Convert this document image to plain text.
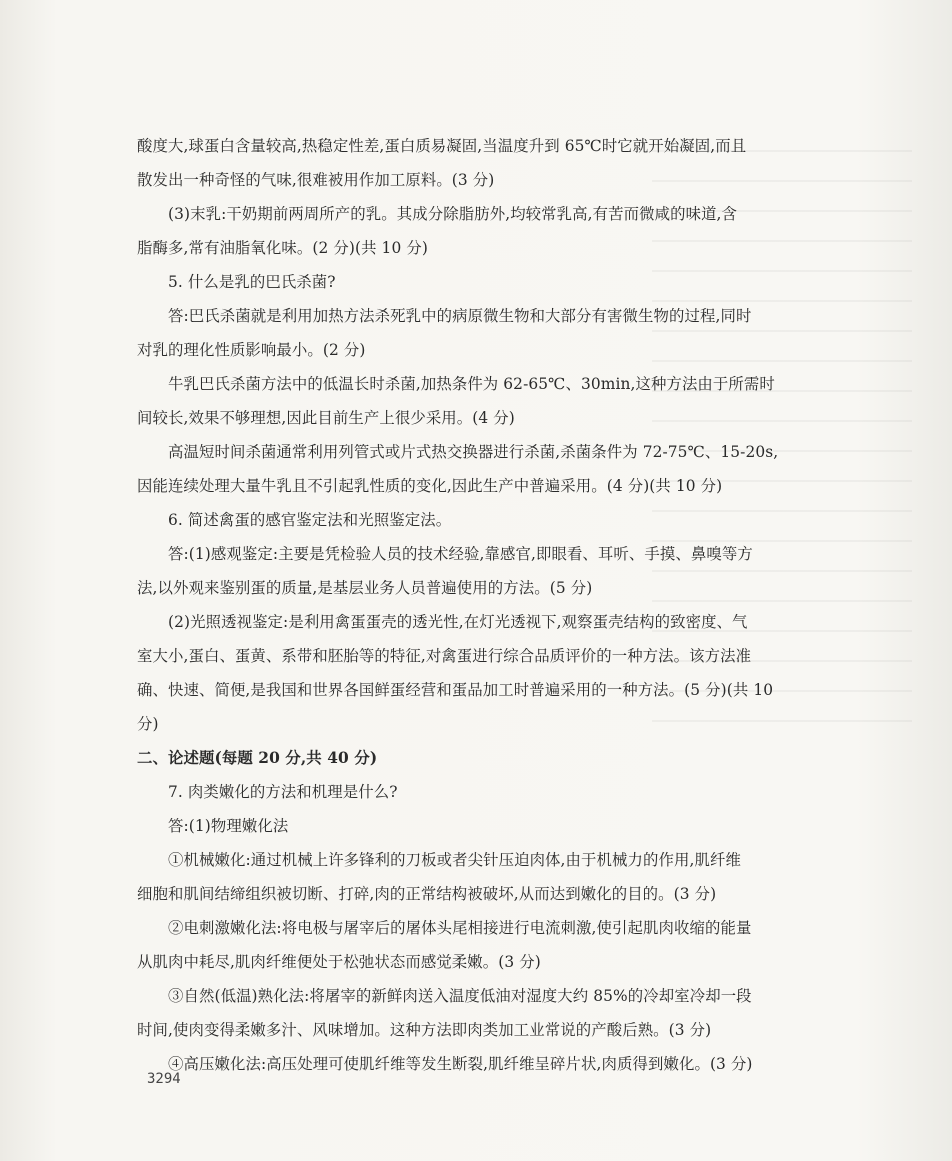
酸度大,球蛋白含量较高,热稳定性差,蛋白质易凝固,当温度升到 65℃时它就开始凝固,而且
散发出一种奇怪的气味,很难被用作加工原料。(3 分)
(3)末乳:干奶期前两周所产的乳。其成分除脂肪外,均较常乳高,有苦而微咸的味道,含
脂酶多,常有油脂氧化味。(2 分)(共 10 分)
5. 什么是乳的巴氏杀菌?
答:巴氏杀菌就是利用加热方法杀死乳中的病原微生物和大部分有害微生物的过程,同时
对乳的理化性质影响最小。(2 分)
牛乳巴氏杀菌方法中的低温长时杀菌,加热条件为 62-65℃、30min,这种方法由于所需时
间较长,效果不够理想,因此目前生产上很少采用。(4 分)
高温短时间杀菌通常利用列管式或片式热交换器进行杀菌,杀菌条件为 72-75℃、15-20s,
因能连续处理大量牛乳且不引起乳性质的变化,因此生产中普遍采用。(4 分)(共 10 分)
6. 简述禽蛋的感官鉴定法和光照鉴定法。
答:(1)感观鉴定:主要是凭检验人员的技术经验,靠感官,即眼看、耳听、手摸、鼻嗅等方
法,以外观来鉴别蛋的质量,是基层业务人员普遍使用的方法。(5 分)
(2)光照透视鉴定:是利用禽蛋蛋壳的透光性,在灯光透视下,观察蛋壳结构的致密度、气
室大小,蛋白、蛋黄、系带和胚胎等的特征,对禽蛋进行综合品质评价的一种方法。该方法准
确、快速、简便,是我国和世界各国鲜蛋经营和蛋品加工时普遍采用的一种方法。(5 分)(共 10
分)
二、论述题(每题 20 分,共 40 分)
7. 肉类嫩化的方法和机理是什么?
答:(1)物理嫩化法
①机械嫩化:通过机械上许多锋利的刀板或者尖针压迫肉体,由于机械力的作用,肌纤维
细胞和肌间结缔组织被切断、打碎,肉的正常结构被破坏,从而达到嫩化的目的。(3 分)
②电刺激嫩化法:将电极与屠宰后的屠体头尾相接进行电流刺激,使引起肌肉收缩的能量
从肌肉中耗尽,肌肉纤维便处于松弛状态而感觉柔嫩。(3 分)
③自然(低温)熟化法:将屠宰的新鲜肉送入温度低油对湿度大约 85%的冷却室冷却一段
时间,使肉变得柔嫩多汁、风味增加。这种方法即肉类加工业常说的产酸后熟。(3 分)
④高压嫩化法:高压处理可使肌纤维等发生断裂,肌纤维呈碎片状,肉质得到嫩化。(3 分)
3294
